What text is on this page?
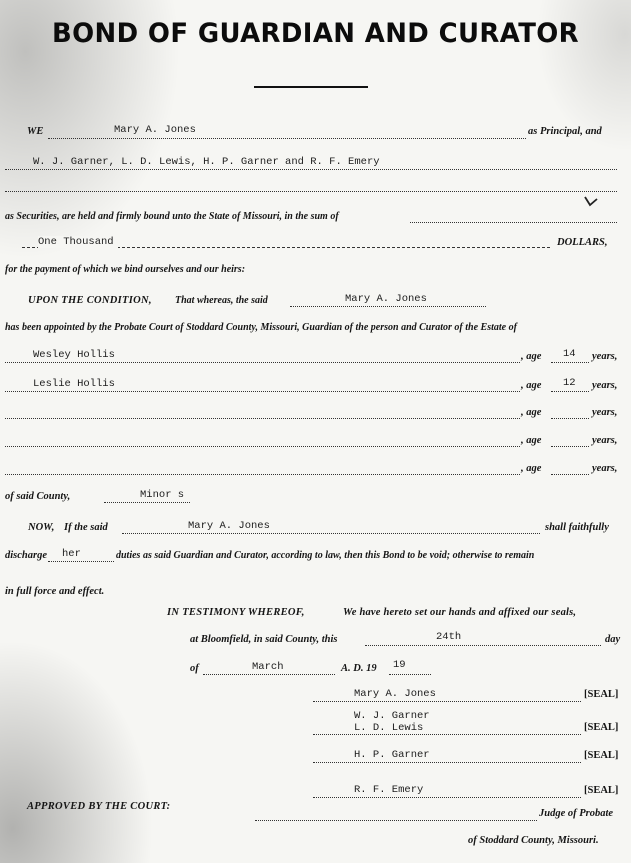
BOND OF GUARDIAN AND CURATOR
WE	Mary A. Jones	as Principal, and
W. J. Garner, L. D. Lewis, H. P. Garner and R. F. Emery
as Securities, are held and firmly bound unto the State of Missouri, in the sum of
One Thousand	DOLLARS,
for the payment of which we bind ourselves and our heirs:
UPON THE CONDITION, That whereas, the said	Mary A. Jones
has been appointed by the Probate Court of Stoddard County, Missouri, Guardian of the person and Curator of the Estate of
Wesley Hollis	, age 14 years,
Leslie Hollis	, age 12 years,
, age	years,
, age	years,
, age	years,
of said County,	Minor s
NOW, If the said	Mary A. Jones	shall faithfully
discharge her	duties as said Guardian and Curator, according to law, then this Bond to be void; otherwise to remain
in full force and effect.
IN TESTIMONY WHEREOF,	We have hereto set our hands and affixed our seals,
at Bloomfield, in said County, this	24th	day
of	March	A. D. 19 19
Mary A. Jones	[SEAL]
W. J. Garner
L. D. Lewis	[SEAL]
H. P. Garner	[SEAL]
R. F. Emery	[SEAL]
APPROVED BY THE COURT:
Judge of Probate
of Stoddard County, Missouri.
